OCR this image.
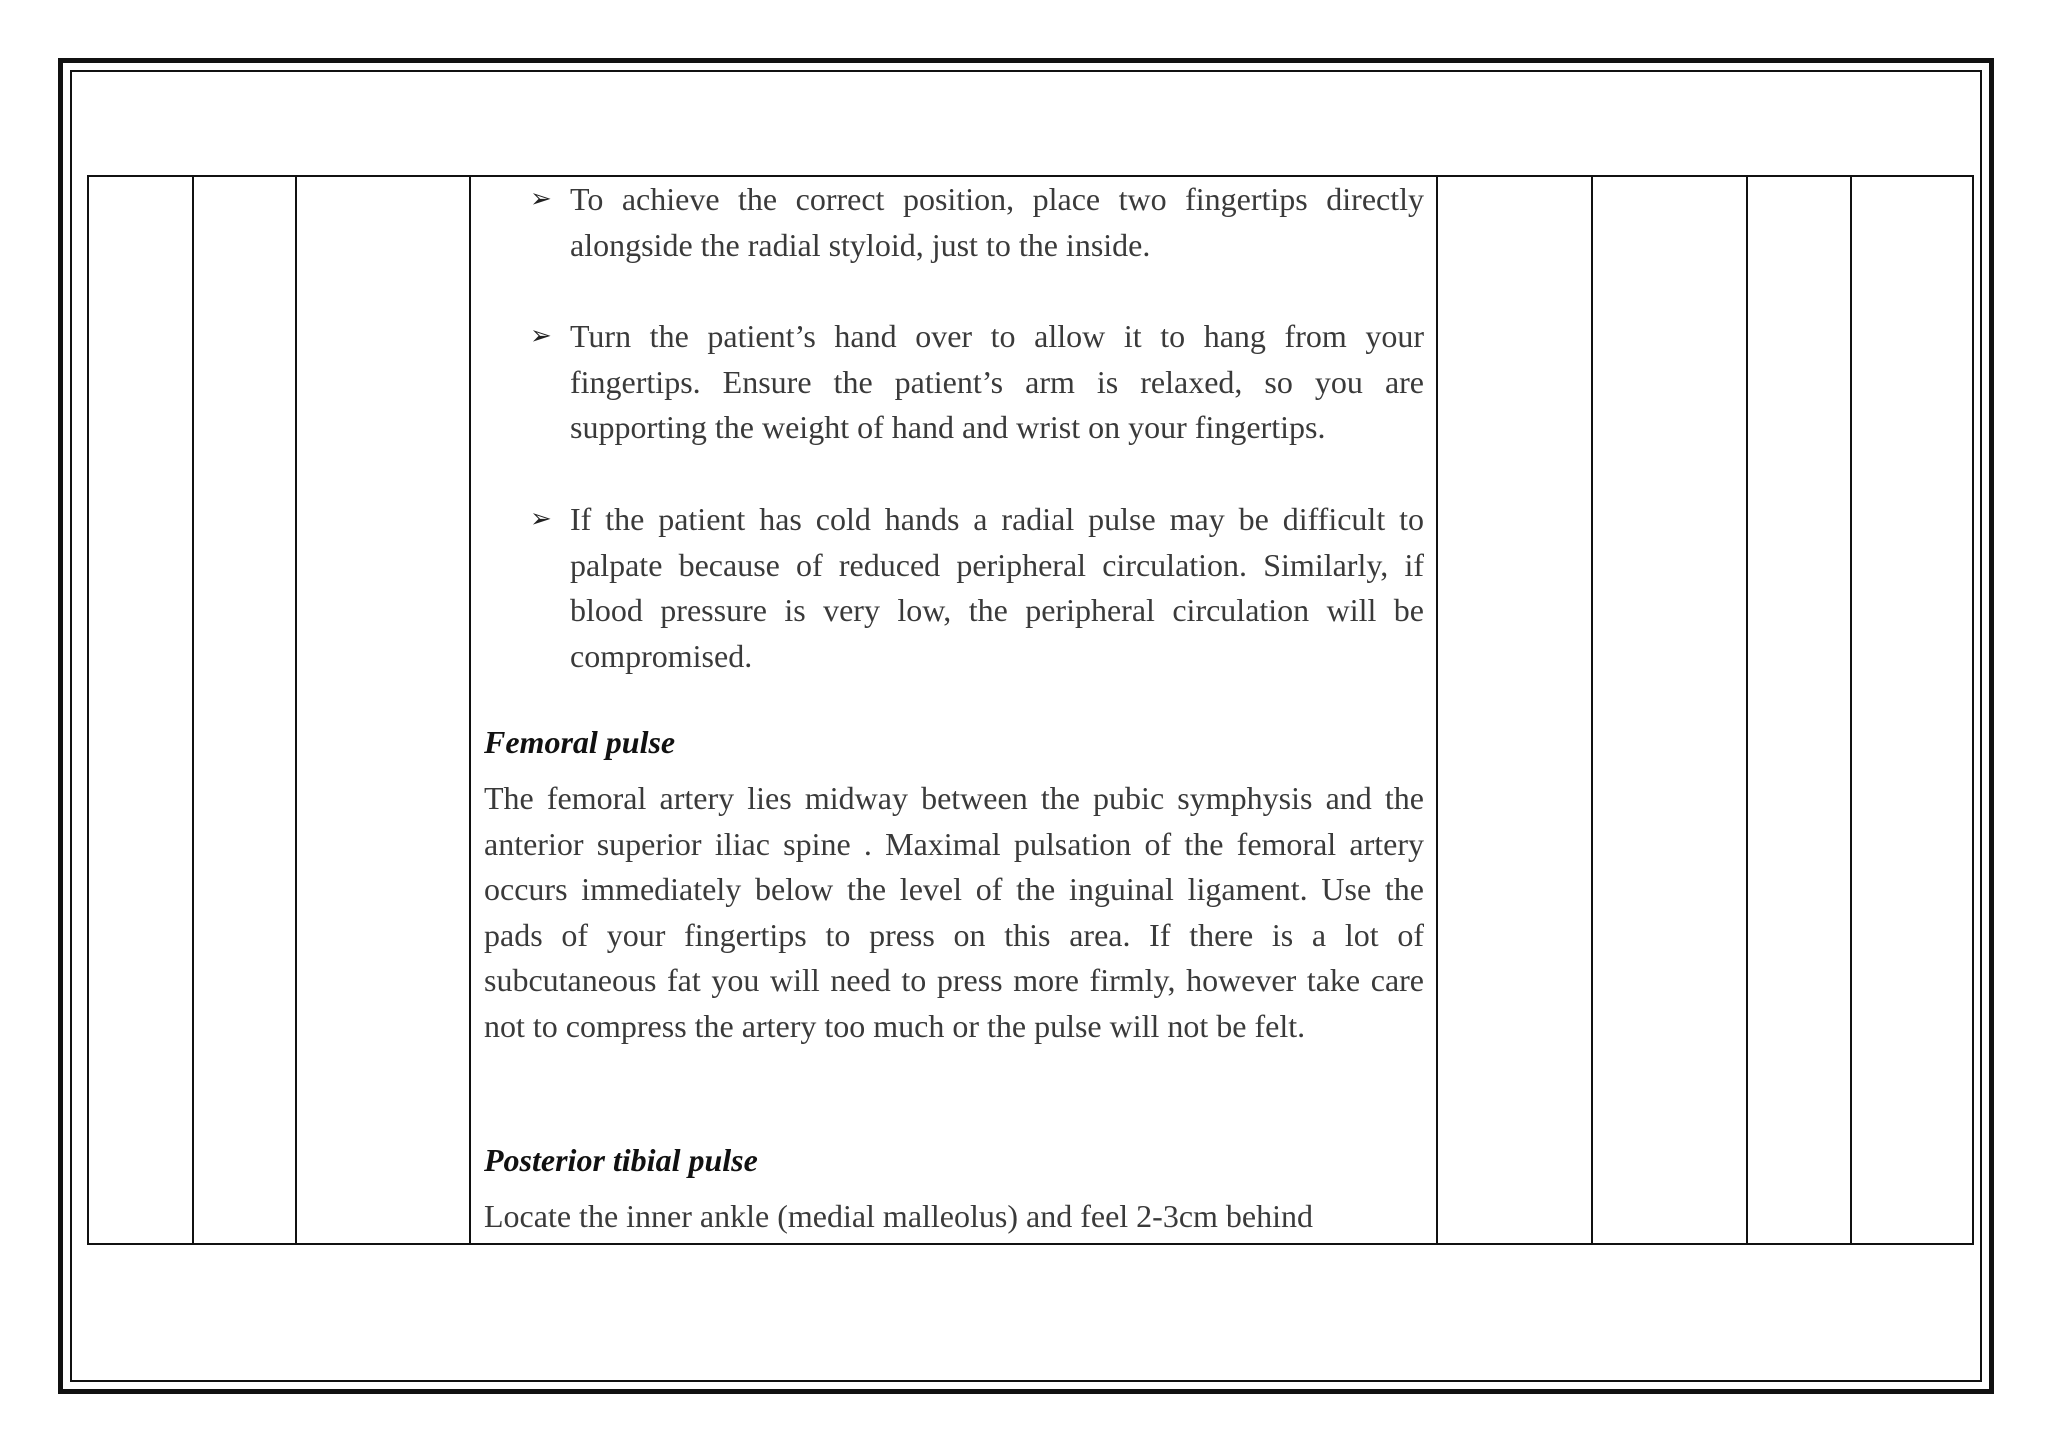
➢ To achieve the correct position, place two fingertips directly alongside the radial styloid, just to the inside.
➢ Turn the patient’s hand over to allow it to hang from your fingertips. Ensure the patient’s arm is relaxed, so you are supporting the weight of hand and wrist on your fingertips.
➢ If the patient has cold hands a radial pulse may be difficult to palpate because of reduced peripheral circulation. Similarly, if blood pressure is very low, the peripheral circulation will be compromised.
Femoral pulse
The femoral artery lies midway between the pubic symphysis and the anterior superior iliac spine . Maximal pulsation of the femoral artery occurs immediately below the level of the inguinal ligament. Use the pads of your fingertips to press on this area. If there is a lot of subcutaneous fat you will need to press more firmly, however take care not to compress the artery too much or the pulse will not be felt.
Posterior tibial pulse
Locate the inner ankle (medial malleolus) and feel 2-3cm behind
